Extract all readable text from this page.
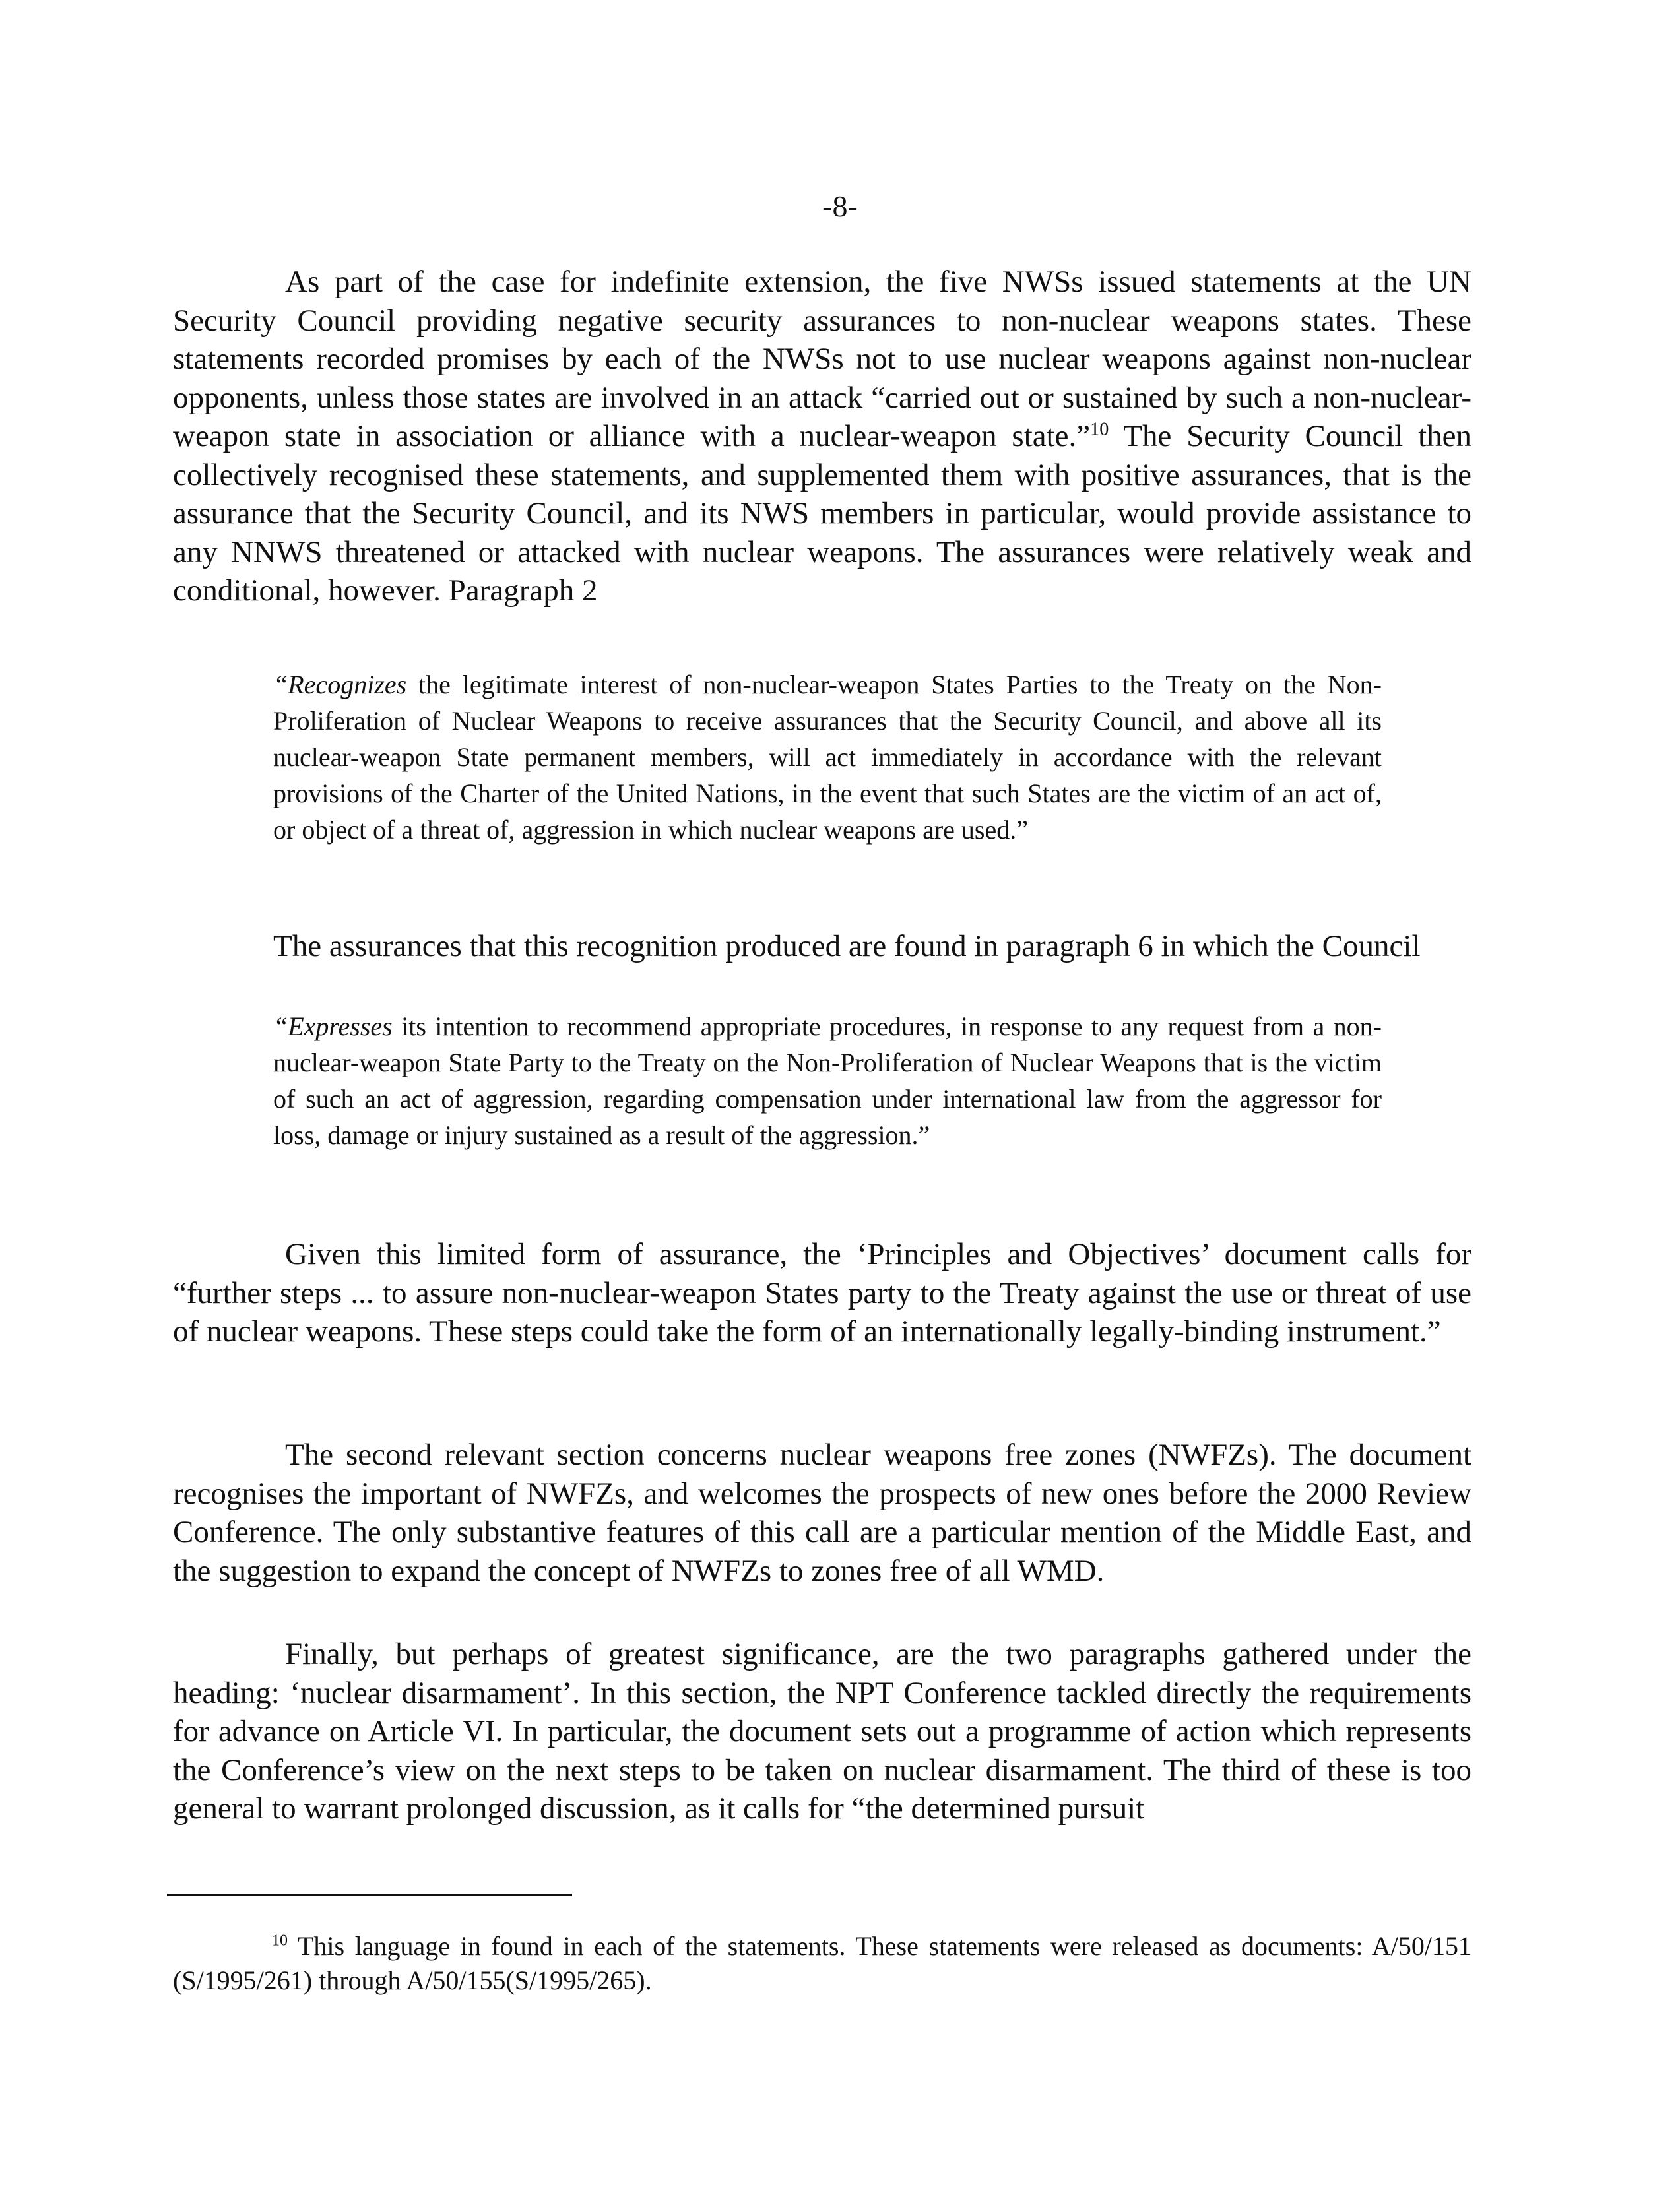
-8-

As part of the case for indefinite extension, the five NWSs issued statements at the UN Security Council providing negative security assurances to non-nuclear weapons states. These statements recorded promises by each of the NWSs not to use nuclear weapons against non-nuclear opponents, unless those states are involved in an attack “carried out or sustained by such a non-nuclear-weapon state in association or alliance with a nuclear-weapon state.”$^{10}$ The Security Council then collectively recognised these statements, and supplemented them with positive assurances, that is the assurance that the Security Council, and its NWS members in particular, would provide assistance to any NNWS threatened or attacked with nuclear weapons. The assurances were relatively weak and conditional, however. Paragraph 2

“Recognizes the legitimate interest of non-nuclear-weapon States Parties to the Treaty on the Non-Proliferation of Nuclear Weapons to receive assurances that the Security Council, and above all its nuclear-weapon State permanent members, will act immediately in accordance with the relevant provisions of the Charter of the United Nations, in the event that such States are the victim of an act of, or object of a threat of, aggression in which nuclear weapons are used.”

The assurances that this recognition produced are found in paragraph 6 in which the Council

“Expresses its intention to recommend appropriate procedures, in response to any request from a non-nuclear-weapon State Party to the Treaty on the Non-Proliferation of Nuclear Weapons that is the victim of such an act of aggression, regarding compensation under international law from the aggressor for loss, damage or injury sustained as a result of the aggression.”

Given this limited form of assurance, the ‘Principles and Objectives’ document calls for “further steps ... to assure non-nuclear-weapon States party to the Treaty against the use or threat of use of nuclear weapons. These steps could take the form of an internationally legally-binding instrument.”

The second relevant section concerns nuclear weapons free zones (NWFZs). The document recognises the important of NWFZs, and welcomes the prospects of new ones before the 2000 Review Conference. The only substantive features of this call are a particular mention of the Middle East, and the suggestion to expand the concept of NWFZs to zones free of all WMD.

Finally, but perhaps of greatest significance, are the two paragraphs gathered under the heading: ‘nuclear disarmament’. In this section, the NPT Conference tackled directly the requirements for advance on Article VI. In particular, the document sets out a programme of action which represents the Conference’s view on the next steps to be taken on nuclear disarmament. The third of these is too general to warrant prolonged discussion, as it calls for “the determined pursuit

$^{10}$ This language in found in each of the statements. These statements were released as documents: A/50/151 (S/1995/261) through A/50/155(S/1995/265).
